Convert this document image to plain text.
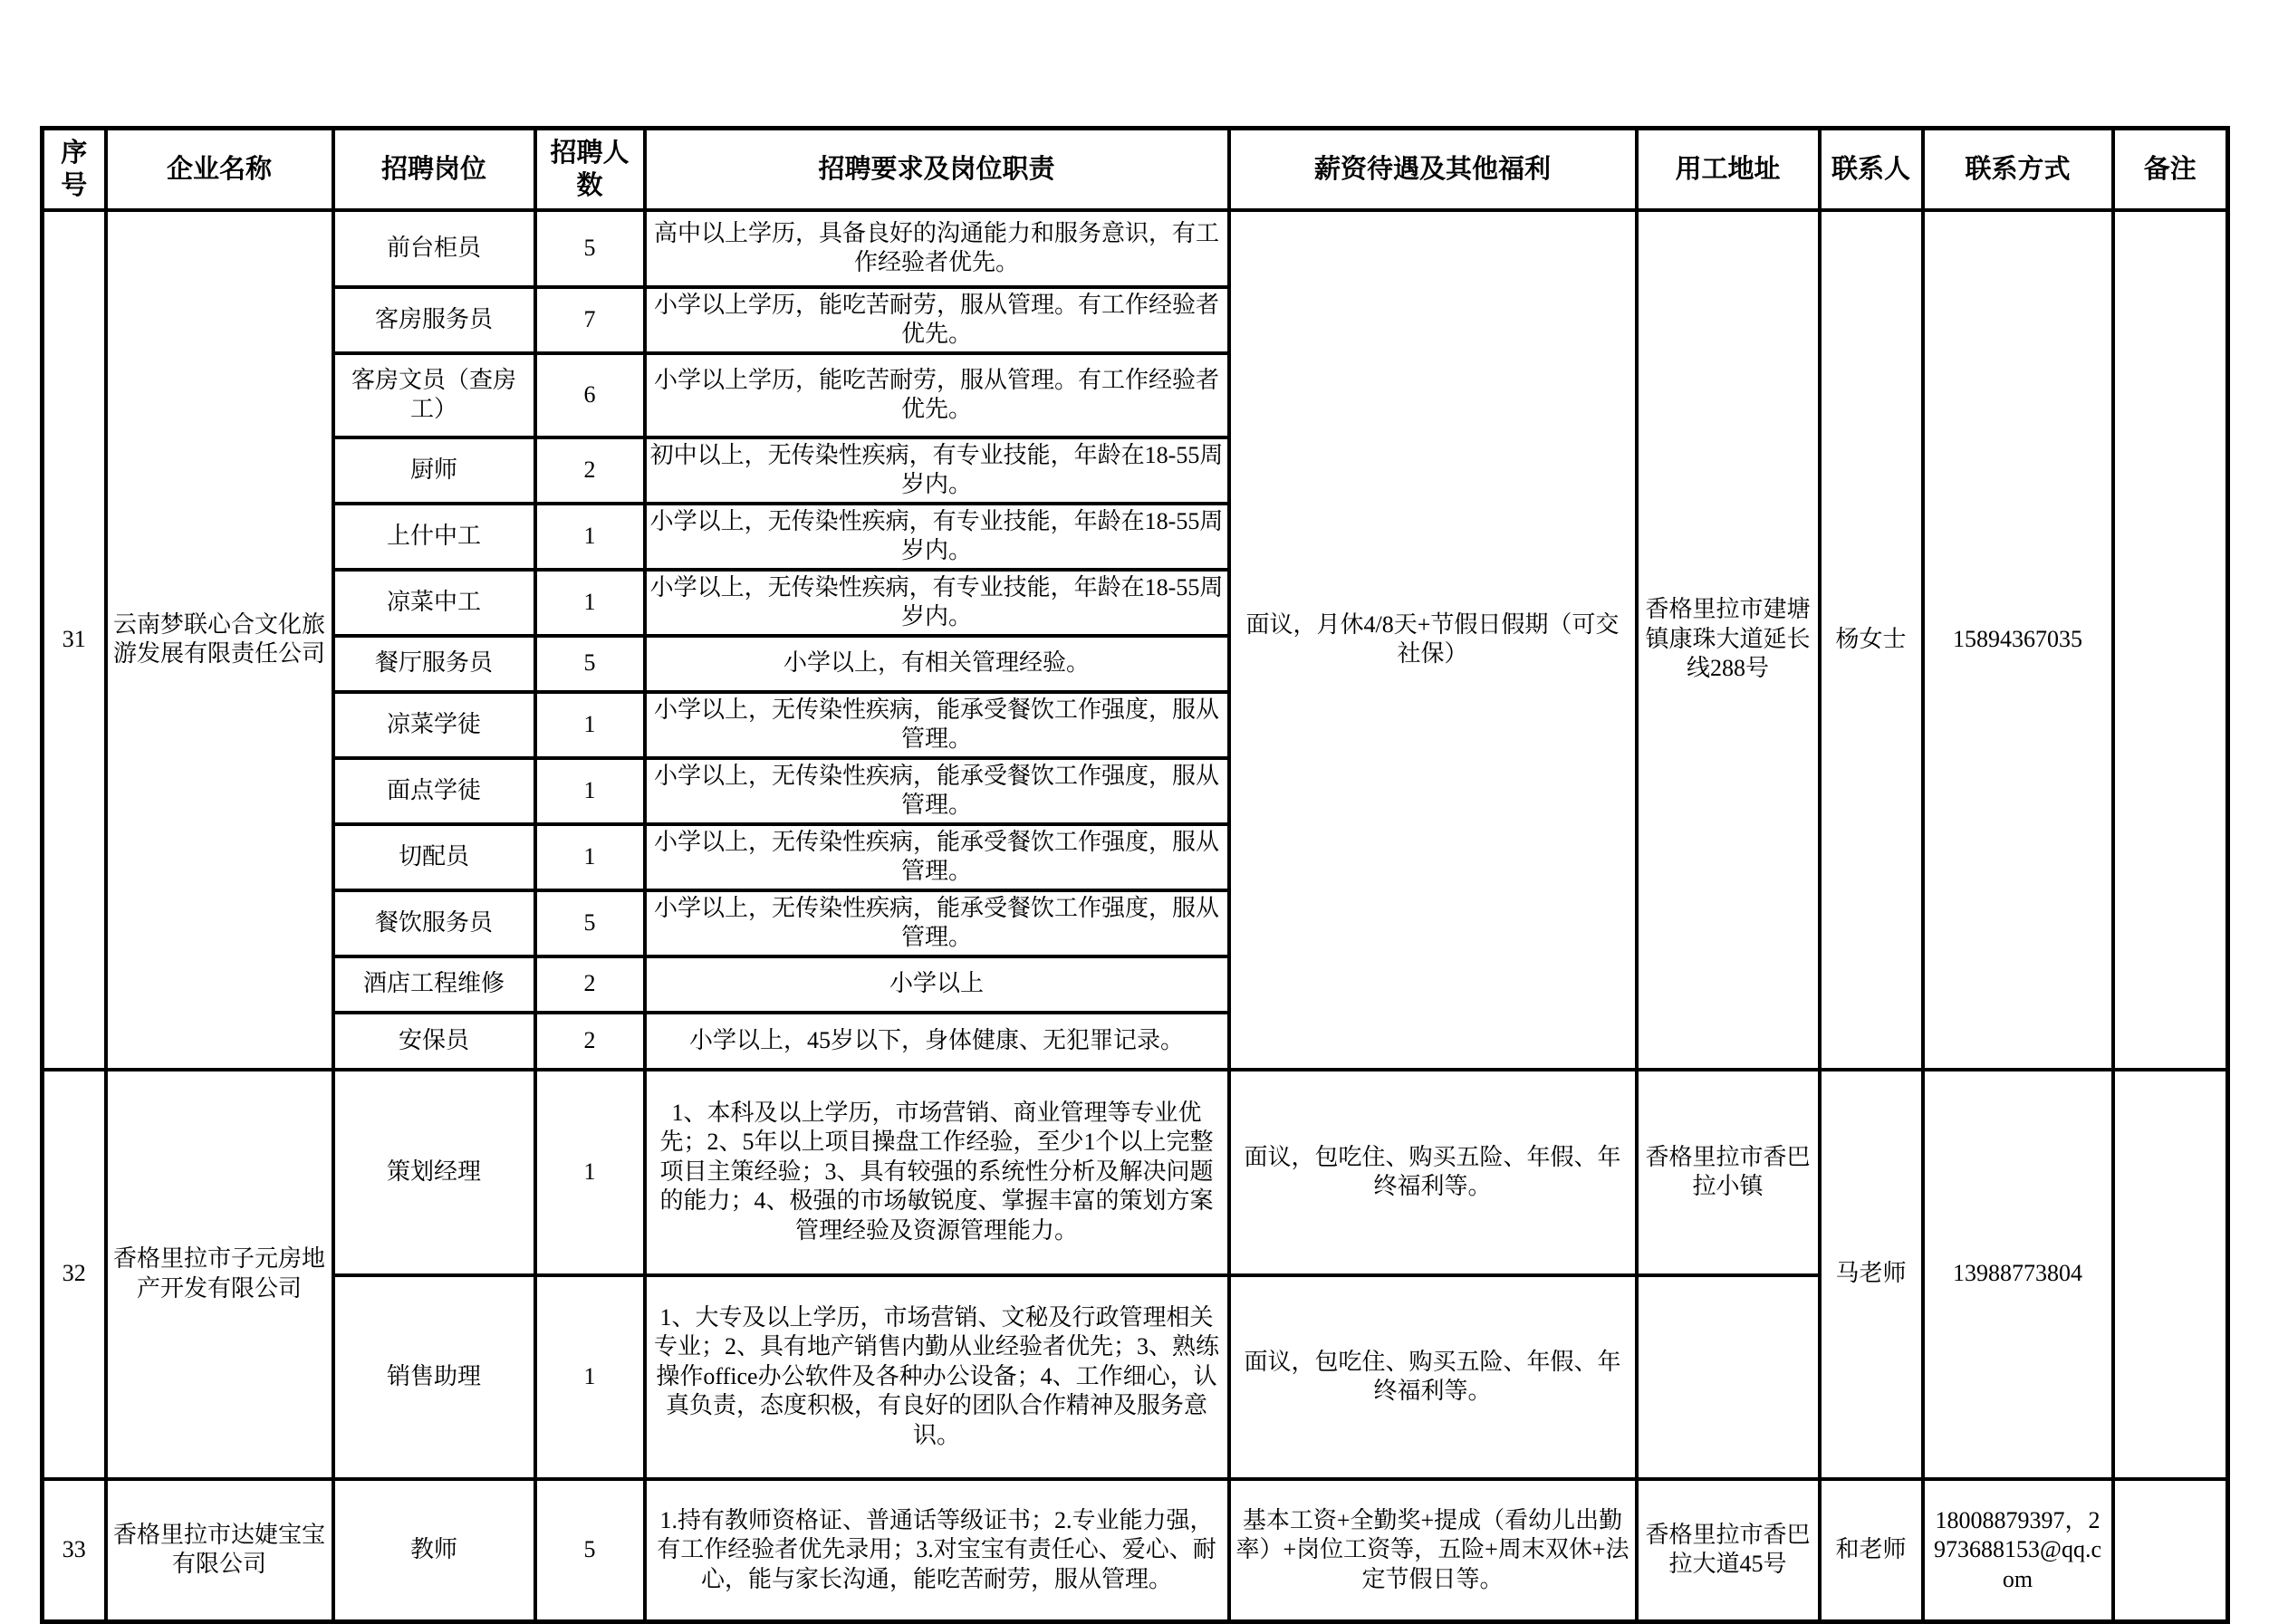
序号	企业名称	招聘岗位	招聘人数	招聘要求及岗位职责	薪资待遇及其他福利	用工地址	联系人	联系方式	备注
31	云南梦联心合文化旅游发展有限责任公司	前台柜员	5	高中以上学历，具备良好的沟通能力和服务意识，有工作经验者优先。	面议，月休4/8天+节假日假期（可交社保）	香格里拉市建塘镇康珠大道延长线288号	杨女士	15894367035	
		客房服务员	7	小学以上学历，能吃苦耐劳，服从管理。有工作经验者优先。					
		客房文员（查房工）	6	小学以上学历，能吃苦耐劳，服从管理。有工作经验者优先。					
		厨师	2	初中以上，无传染性疾病，有专业技能，年龄在18-55周岁内。					
		上什中工	1	小学以上，无传染性疾病，有专业技能，年龄在18-55周岁内。					
		凉菜中工	1	小学以上，无传染性疾病，有专业技能，年龄在18-55周岁内。					
		餐厅服务员	5	小学以上，有相关管理经验。					
		凉菜学徒	1	小学以上，无传染性疾病，能承受餐饮工作强度，服从管理。					
		面点学徒	1	小学以上，无传染性疾病，能承受餐饮工作强度，服从管理。					
		切配员	1	小学以上，无传染性疾病，能承受餐饮工作强度，服从管理。					
		餐饮服务员	5	小学以上，无传染性疾病，能承受餐饮工作强度，服从管理。					
		酒店工程维修	2	小学以上					
		安保员	2	小学以上，45岁以下，身体健康、无犯罪记录。					
32	香格里拉市子元房地产开发有限公司	策划经理	1	1、本科及以上学历，市场营销、商业管理等专业优先；2、5年以上项目操盘工作经验，至少1个以上完整项目主策经验；3、具有较强的系统性分析及解决问题的能力；4、极强的市场敏锐度、掌握丰富的策划方案管理经验及资源管理能力。	面议，包吃住、购买五险、年假、年终福利等。	香格里拉市香巴拉小镇	马老师	13988773804	
		销售助理	1	1、大专及以上学历，市场营销、文秘及行政管理相关专业；2、具有地产销售内勤从业经验者优先；3、熟练操作office办公软件及各种办公设备；4、工作细心，认真负责，态度积极，有良好的团队合作精神及服务意识。	面议，包吃住、购买五险、年假、年终福利等。				
33	香格里拉市达婕宝宝有限公司	教师	5	1.持有教师资格证、普通话等级证书；2.专业能力强，有工作经验者优先录用；3.对宝宝有责任心、爱心、耐心，能与家长沟通，能吃苦耐劳，服从管理。	基本工资+全勤奖+提成（看幼儿出勤率）+岗位工资等，五险+周末双休+法定节假日等。	香格里拉市香巴拉大道45号	和老师	18008879397，2973688153@qq.com	
